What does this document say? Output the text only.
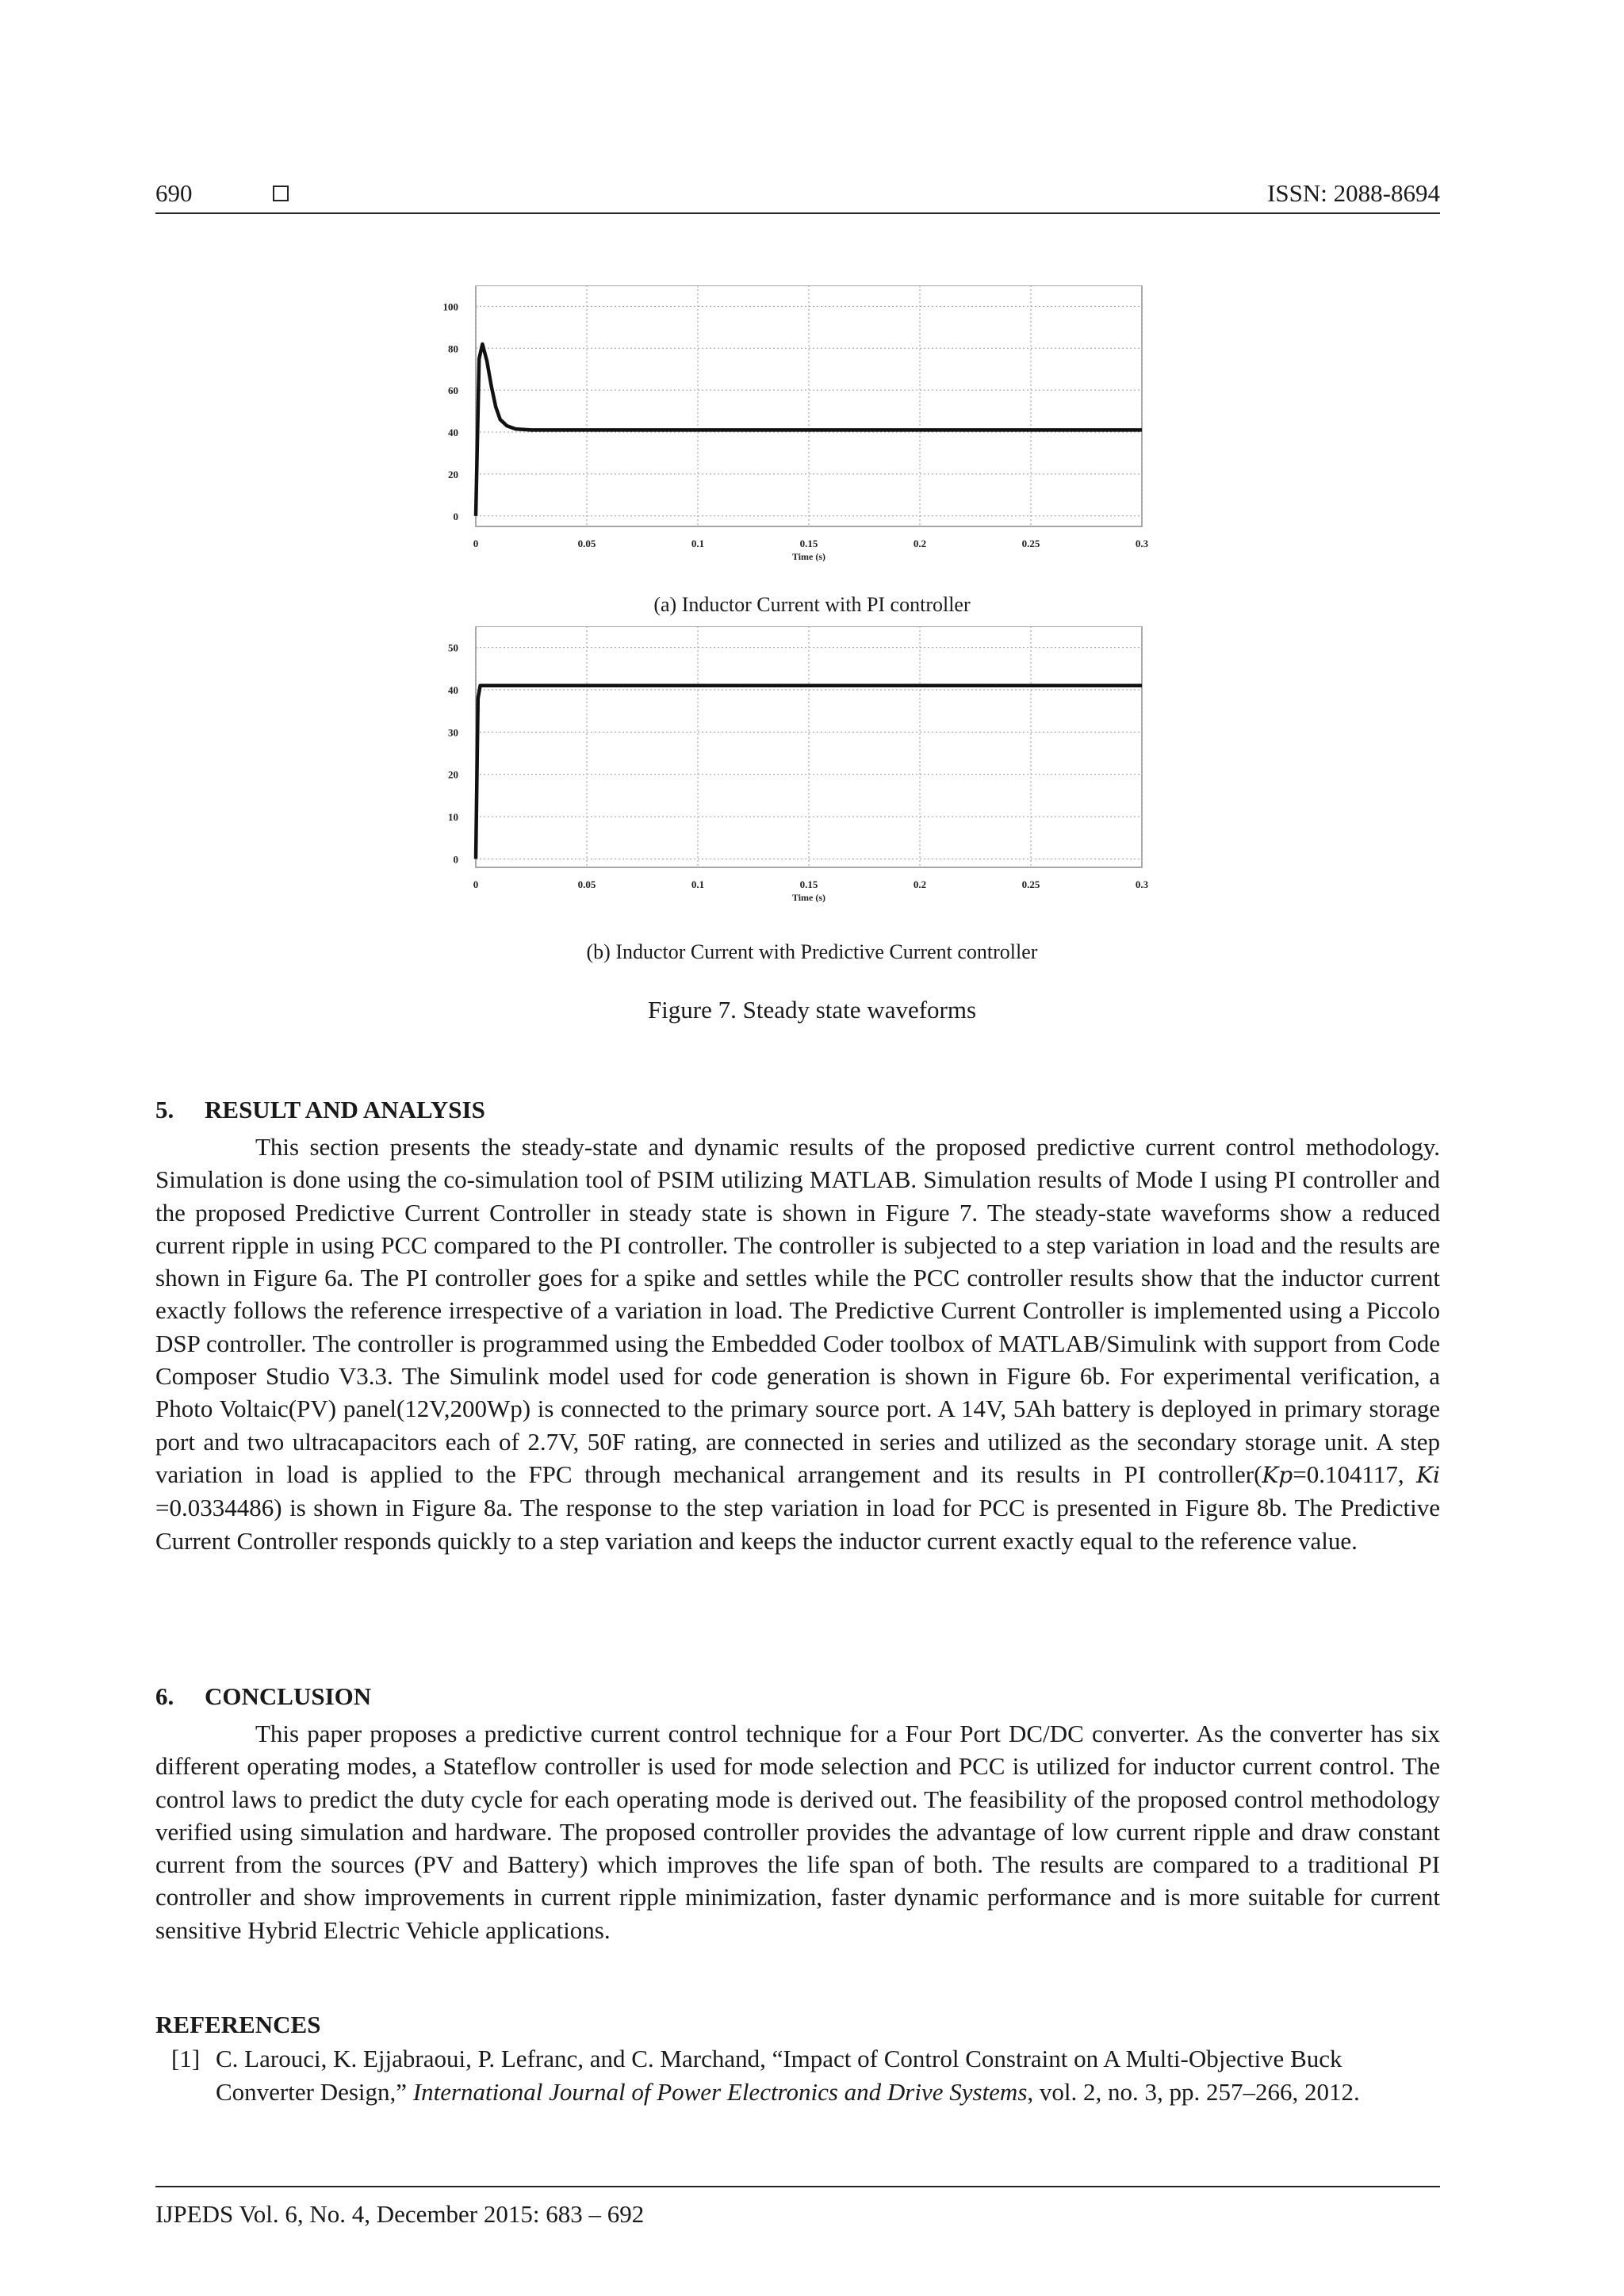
690	ISSN: 2088-8694
0	0.05	0.1	0.15	0.2	0.25	0.3
0
20
40
60
80
100
Time (s)
(a) Inductor Current with PI controller
0	0.05	0.1	0.15	0.2	0.25	0.3
0
10
20
30
40
50
Time (s)
(b) Inductor Current with Predictive Current controller
Figure 7. Steady state waveforms
5. RESULT AND ANALYSIS

This section presents the steady-state and dynamic results of the proposed predictive current control methodology. Simulation is done using the co-simulation tool of PSIM utilizing MATLAB. Simulation results of Mode I using PI controller and the proposed Predictive Current Controller in steady state is shown in Figure 7. The steady-state waveforms show a reduced current ripple in using PCC compared to the PI controller. The controller is subjected to a step variation in load and the results are shown in Figure 6a. The PI controller goes for a spike and settles while the PCC controller results show that the inductor current exactly follows the reference irrespective of a variation in load. The Predictive Current Controller is implemented using a Piccolo DSP controller. The controller is programmed using the Embedded Coder toolbox of MATLAB/Simulink with support from Code Composer Studio V3.3. The Simulink model used for code generation is shown in Figure 6b. For experimental verification, a Photo Voltaic(PV) panel(12V,200Wp) is connected to the primary source port. A 14V, 5Ah battery is deployed in primary storage port and two ultracapacitors each of 2.7V, 50F rating, are connected in series and utilized as the secondary storage unit. A step variation in load is applied to the FPC through mechanical arrangement and its results in PI controller(Kp=0.104117, Ki =0.0334486) is shown in Figure 8a. The response to the step variation in load for PCC is presented in Figure 8b. The Predictive Current Controller responds quickly to a step variation and keeps the inductor current exactly equal to the reference value.

6. CONCLUSION

This paper proposes a predictive current control technique for a Four Port DC/DC converter. As the converter has six different operating modes, a Stateflow controller is used for mode selection and PCC is utilized for inductor current control. The control laws to predict the duty cycle for each operating mode is derived out. The feasibility of the proposed control methodology verified using simulation and hardware. The proposed controller provides the advantage of low current ripple and draw constant current from the sources (PV and Battery) which improves the life span of both. The results are compared to a traditional PI controller and show improvements in current ripple minimization, faster dynamic performance and is more suitable for current sensitive Hybrid Electric Vehicle applications.

REFERENCES
[1] C. Larouci, K. Ejjabraoui, P. Lefranc, and C. Marchand, “Impact of Control Constraint on A Multi-Objective Buck Converter Design,” International Journal of Power Electronics and Drive Systems, vol. 2, no. 3, pp. 257–266, 2012.
IJPEDS Vol. 6, No. 4, December 2015: 683 – 692
